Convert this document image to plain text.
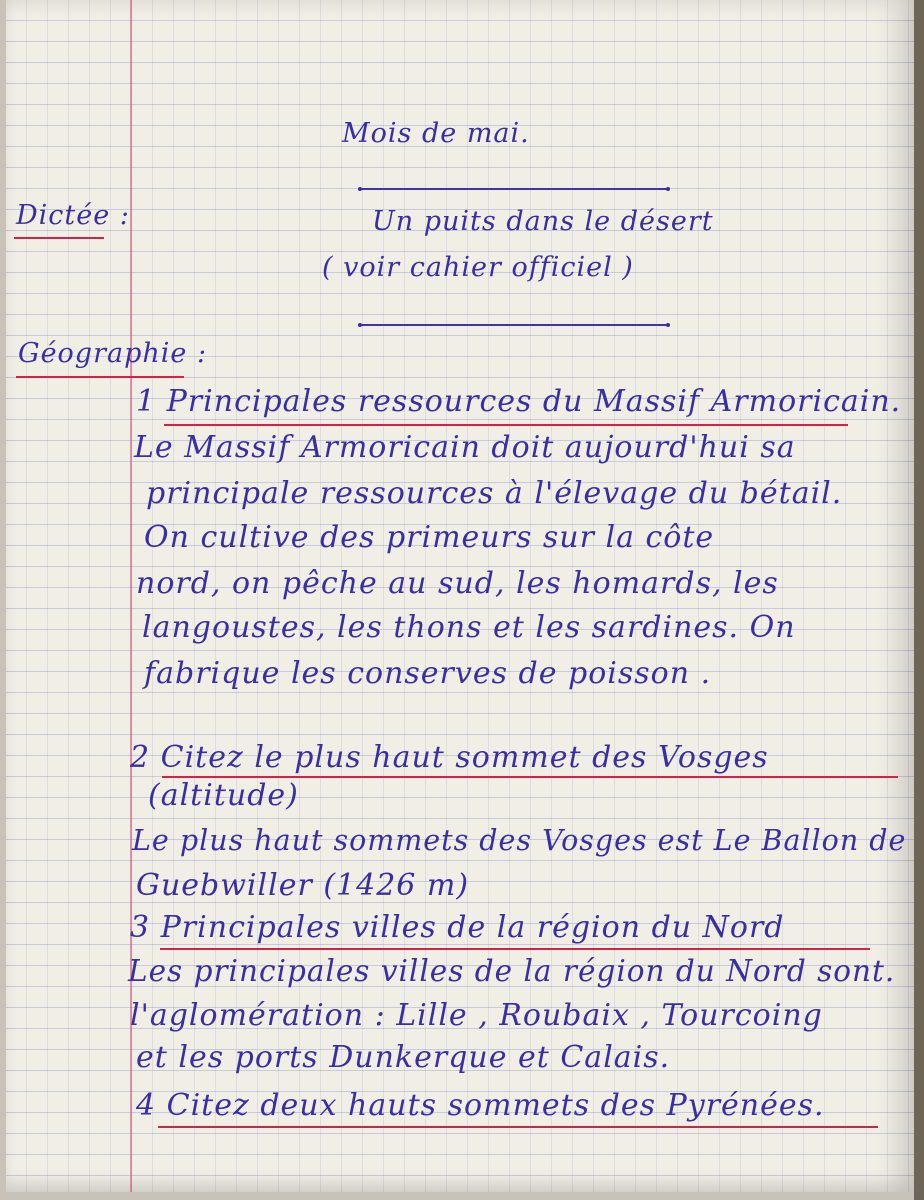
Mois de mai.
Dictée :	Un puits dans le désert
( voir cahier officiel )
Géographie :
1 Principales ressources du Massif Armoricain.
Le Massif Armoricain doit aujourd'hui sa
principale ressources à l'élevage du bétail.
On cultive des primeurs sur la côte
nord, on pêche au sud, les homards, les
langoustes, les thons et les sardines. On
fabrique les conserves de poisson .
2 Citez le plus haut sommet des Vosges
(altitude)
Le plus haut sommets des Vosges est Le Ballon de
Guebwiller (1426 m)
3 Principales villes de la région du Nord
Les principales villes de la région du Nord sont.
l'aglomération : Lille , Roubaix , Tourcoing
et les ports Dunkerque et Calais.
4 Citez deux hauts sommets des Pyrénées.
